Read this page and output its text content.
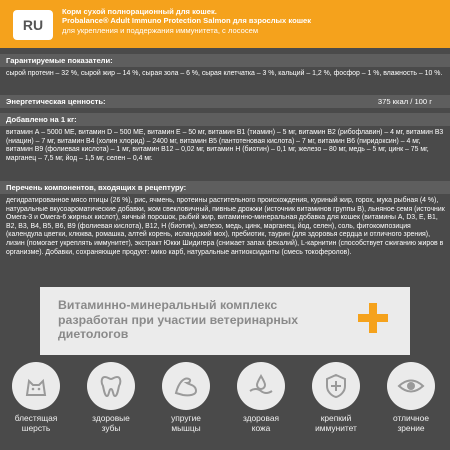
RU
Корм сухой полнорационный для кошек.
Probalance® Adult Immuno Protection Salmon для взрослых кошек
для укрепления и поддержания иммунитета, с лососем
Гарантируемые показатели:
сырой протеин – 32 %, сырой жир – 14 %, сырая зола – 6 %, сырая клетчатка – 3 %, кальций – 1,2 %, фосфор – 1 %, влажность – 10 %.
Энергетическая ценность:	375 ккал / 100 г
Добавлено на 1 кг:
витамин А – 5000 МЕ, витамин D – 500 МЕ, витамин Е – 50 мг, витамин В1 (тиамин) – 5 мг, витамин В2 (рибофлавин) – 4 мг, витамин В3 (ниацин) – 7 мг, витамин В4 (холин хлорид) – 2400 мг, витамин В5 (пантотеновая кислота) – 7 мг, витамин В6 (пиридоксин) – 4 мг, витамин В9 (фолиевая кислота) – 1 мг, витамин В12 – 0,02 мг, витамин Н (биотин) – 0,1 мг, железо – 80 мг, медь – 5 мг, цинк – 75 мг, марганец – 7,5 мг, йод – 1,5 мг, селен – 0,4 мг.
Перечень компонентов, входящих в рецептуру:
дегидратированное мясо птицы (26 %), рис, ячмень, протеины растительного происхождения, куриный жир, горох, мука рыбная (4 %), натуральные вкусоароматические добавки, жом свекловичный, пивные дрожжи (источник витаминов группы В), льняное семя (источник Омега-3 и Омега-6 жирных кислот), яичный порошок, рыбий жир, витаминно-минеральная добавка для кошек (витамины A, D3, E, B1, B2, B3, B4, B5, B6, B9 (фолиевая кислота), B12, H (биотин), железо, медь, цинк, марганец, йод, селен), соль, фитокомпозиция (календула цветки, клюква, ромашка, алтей корень, исландский мох), пребиотик, таурин (для здоровья сердца и отличного зрения), лизин (помогает укреплять иммунитет), экстракт Юкки Шидигера (снижает запах фекалий), L-карнитин (способствует сжиганию жиров в организме). Добавки, сохраняющие продукт: мико карб, натуральные антиоксиданты (смесь токоферолов).
Витаминно-минеральный комплекс разработан при участии ветеринарных диетологов
блестящая
шерсть
здоровые
зубы
упругие
мышцы
здоровая
кожа
крепкий
иммунитет
отличное
зрение
